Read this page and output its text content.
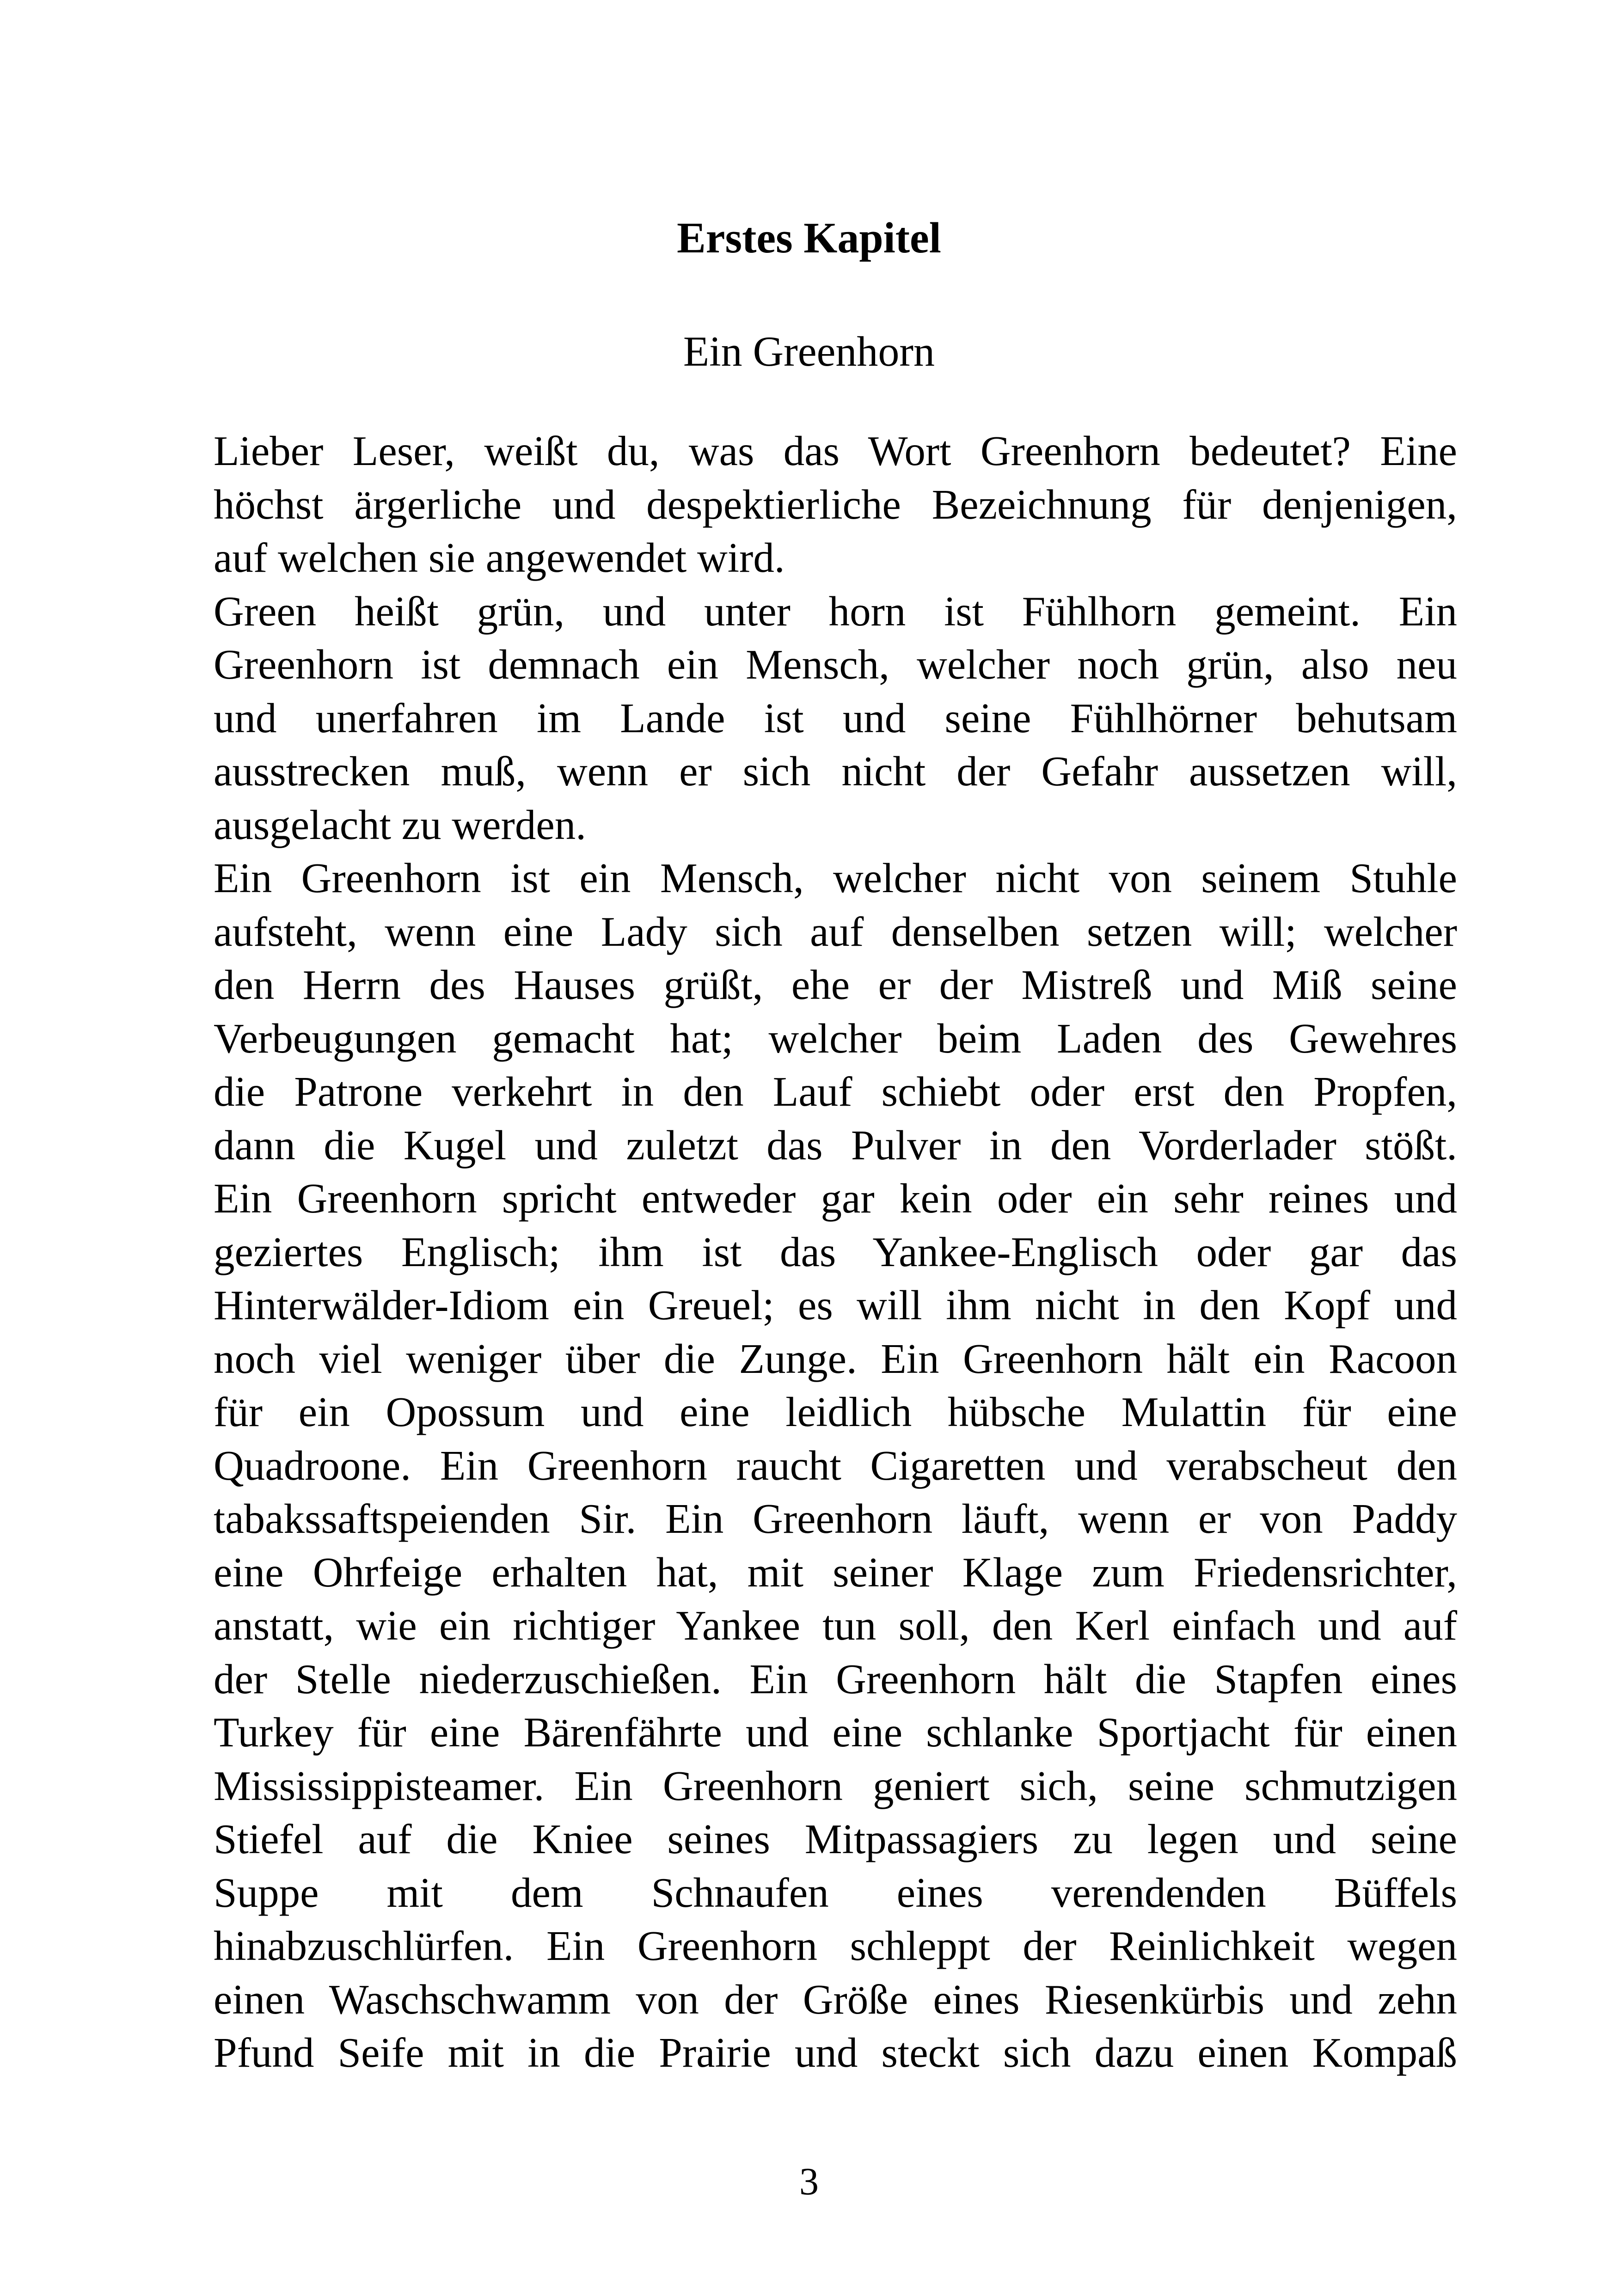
Erstes Kapitel
Ein Greenhorn
Lieber Leser, weißt du, was das Wort Greenhorn bedeutet? Eine
höchst ärgerliche und despektierliche Bezeichnung für denjenigen,
auf welchen sie angewendet wird.
Green heißt grün, und unter horn ist Fühlhorn gemeint. Ein
Greenhorn ist demnach ein Mensch, welcher noch grün, also neu
und unerfahren im Lande ist und seine Fühlhörner behutsam
ausstrecken muß, wenn er sich nicht der Gefahr aussetzen will,
ausgelacht zu werden.
Ein Greenhorn ist ein Mensch, welcher nicht von seinem Stuhle
aufsteht, wenn eine Lady sich auf denselben setzen will; welcher
den Herrn des Hauses grüßt, ehe er der Mistreß und Miß seine
Verbeugungen gemacht hat; welcher beim Laden des Gewehres
die Patrone verkehrt in den Lauf schiebt oder erst den Propfen,
dann die Kugel und zuletzt das Pulver in den Vorderlader stößt.
Ein Greenhorn spricht entweder gar kein oder ein sehr reines und
geziertes Englisch; ihm ist das Yankee-Englisch oder gar das
Hinterwälder-Idiom ein Greuel; es will ihm nicht in den Kopf und
noch viel weniger über die Zunge. Ein Greenhorn hält ein Racoon
für ein Opossum und eine leidlich hübsche Mulattin für eine
Quadroone. Ein Greenhorn raucht Cigaretten und verabscheut den
tabakssaftspeienden Sir. Ein Greenhorn läuft, wenn er von Paddy
eine Ohrfeige erhalten hat, mit seiner Klage zum Friedensrichter,
anstatt, wie ein richtiger Yankee tun soll, den Kerl einfach und auf
der Stelle niederzuschießen. Ein Greenhorn hält die Stapfen eines
Turkey für eine Bärenfährte und eine schlanke Sportjacht für einen
Mississippisteamer. Ein Greenhorn geniert sich, seine schmutzigen
Stiefel auf die Kniee seines Mitpassagiers zu legen und seine
Suppe mit dem Schnaufen eines verendenden Büffels
hinabzuschlürfen. Ein Greenhorn schleppt der Reinlichkeit wegen
einen Waschschwamm von der Größe eines Riesenkürbis und zehn
Pfund Seife mit in die Prairie und steckt sich dazu einen Kompaß
3
